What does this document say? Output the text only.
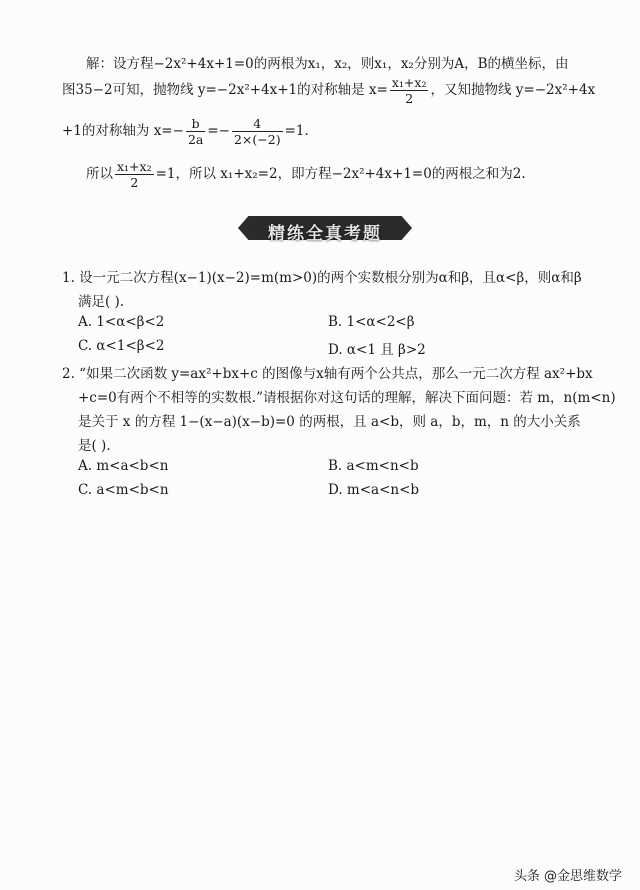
解：设方程−2x²+4x+1=0的两根为x₁，x₂，则x₁，x₂分别为A，B的横坐标，由
图35−2可知，抛物线 y=−2x²+4x+1的对称轴是 $x= \frac{\text{x₁+x₂}}{2}$ ，又知抛物线 y=−2x²+4x
+1的对称轴为 $x=- \frac{b}{2a} =- \frac{4}{2\times(-2)} =1$.
所以 $\frac{\text{x₁+x₂}}{2} =1$，所以 x₁+x₂=2，即方程−2x²+4x+1=0的两根之和为2.
精练全真考题
1. 设一元二次方程(x−1)(x−2)=m(m>0)的两个实数根分别为α和β，且α<β，则α和β
满足( ).
A. 1<α<β<2	B. 1<α<2<β
C. α<1<β<2	D. α<1 且 β>2
2. “如果二次函数 y=ax²+bx+c 的图像与x轴有两个公共点，那么一元二次方程 ax²+bx
+c=0有两个不相等的实数根.”请根据你对这句话的理解，解决下面问题：若 m，n(m<n)
是关于 x 的方程 1−(x−a)(x−b)=0 的两根，且 a<b，则 a，b，m，n 的大小关系
是( ).
A. m<a<b<n	B. a<m<n<b
C. a<m<b<n	D. m<a<n<b
头条 @金思维数学
